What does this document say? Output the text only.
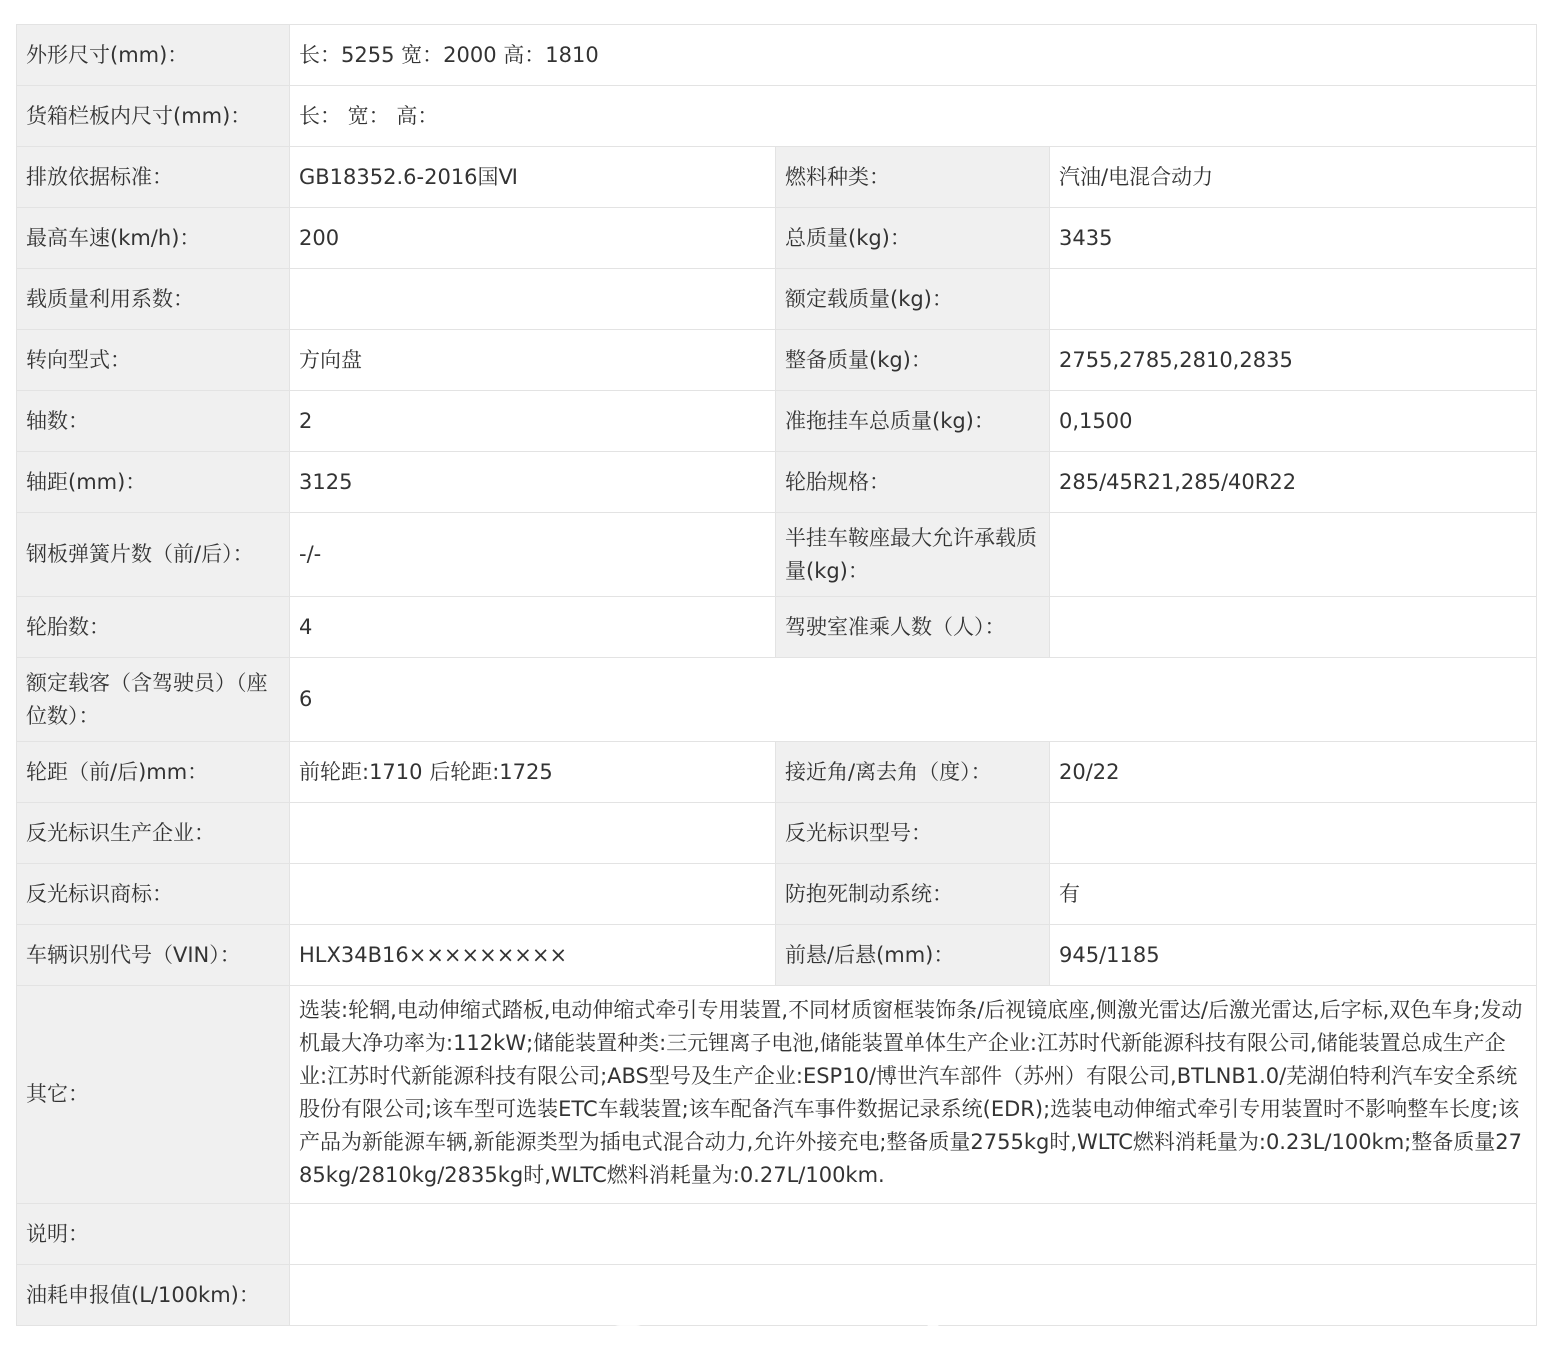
外形尺寸(mm)：	长：5255 宽：2000 高：1810		
货箱栏板内尺寸(mm)：	长： 宽： 高：		
排放依据标准：	GB18352.6-2016国Ⅵ	燃料种类：	汽油/电混合动力
最高车速(km/h)：	200	总质量(kg)：	3435
载质量利用系数：		额定载质量(kg)：	
转向型式：	方向盘	整备质量(kg)：	2755,2785,2810,2835
轴数：	2	准拖挂车总质量(kg)：	0,1500
轴距(mm)：	3125	轮胎规格：	285/45R21,285/40R22
钢板弹簧片数（前/后）：	-/-	半挂车鞍座最大允许承载质量(kg)：	
轮胎数：	4	驾驶室准乘人数（人）：	
额定载客（含驾驶员）（座位数）：	6		
轮距（前/后)mm：	前轮距:1710 后轮距:1725	接近角/离去角（度）：	20/22
反光标识生产企业：		反光标识型号：	
反光标识商标：		防抱死制动系统：	有
车辆识别代号（VIN）：	HLX34B16×××××××××	前悬/后悬(mm)：	945/1185
其它：	选装:轮辋,电动伸缩式踏板,电动伸缩式牵引专用装置,不同材质窗框装饰条/后视镜底座,侧激光雷达/后激光雷达,后字标,双色车身;发动机最大净功率为:112kW;储能装置种类:三元锂离子电池,储能装置单体生产企业:江苏时代新能源科技有限公司,储能装置总成生产企业:江苏时代新能源科技有限公司;ABS型号及生产企业:ESP10/博世汽车部件（苏州）有限公司,BTLNB1.0/芜湖伯特利汽车安全系统股份有限公司;该车型可选装ETC车载装置;该车配备汽车事件数据记录系统(EDR);选装电动伸缩式牵引专用装置时不影响整车长度;该产品为新能源车辆,新能源类型为插电式混合动力,允许外接充电;整备质量2755kg时,WLTC燃料消耗量为:0.23L/100km;整备质量2785kg/2810kg/2835kg时,WLTC燃料消耗量为:0.27L/100km.		
说明：			
油耗申报值(L/100km)：			
